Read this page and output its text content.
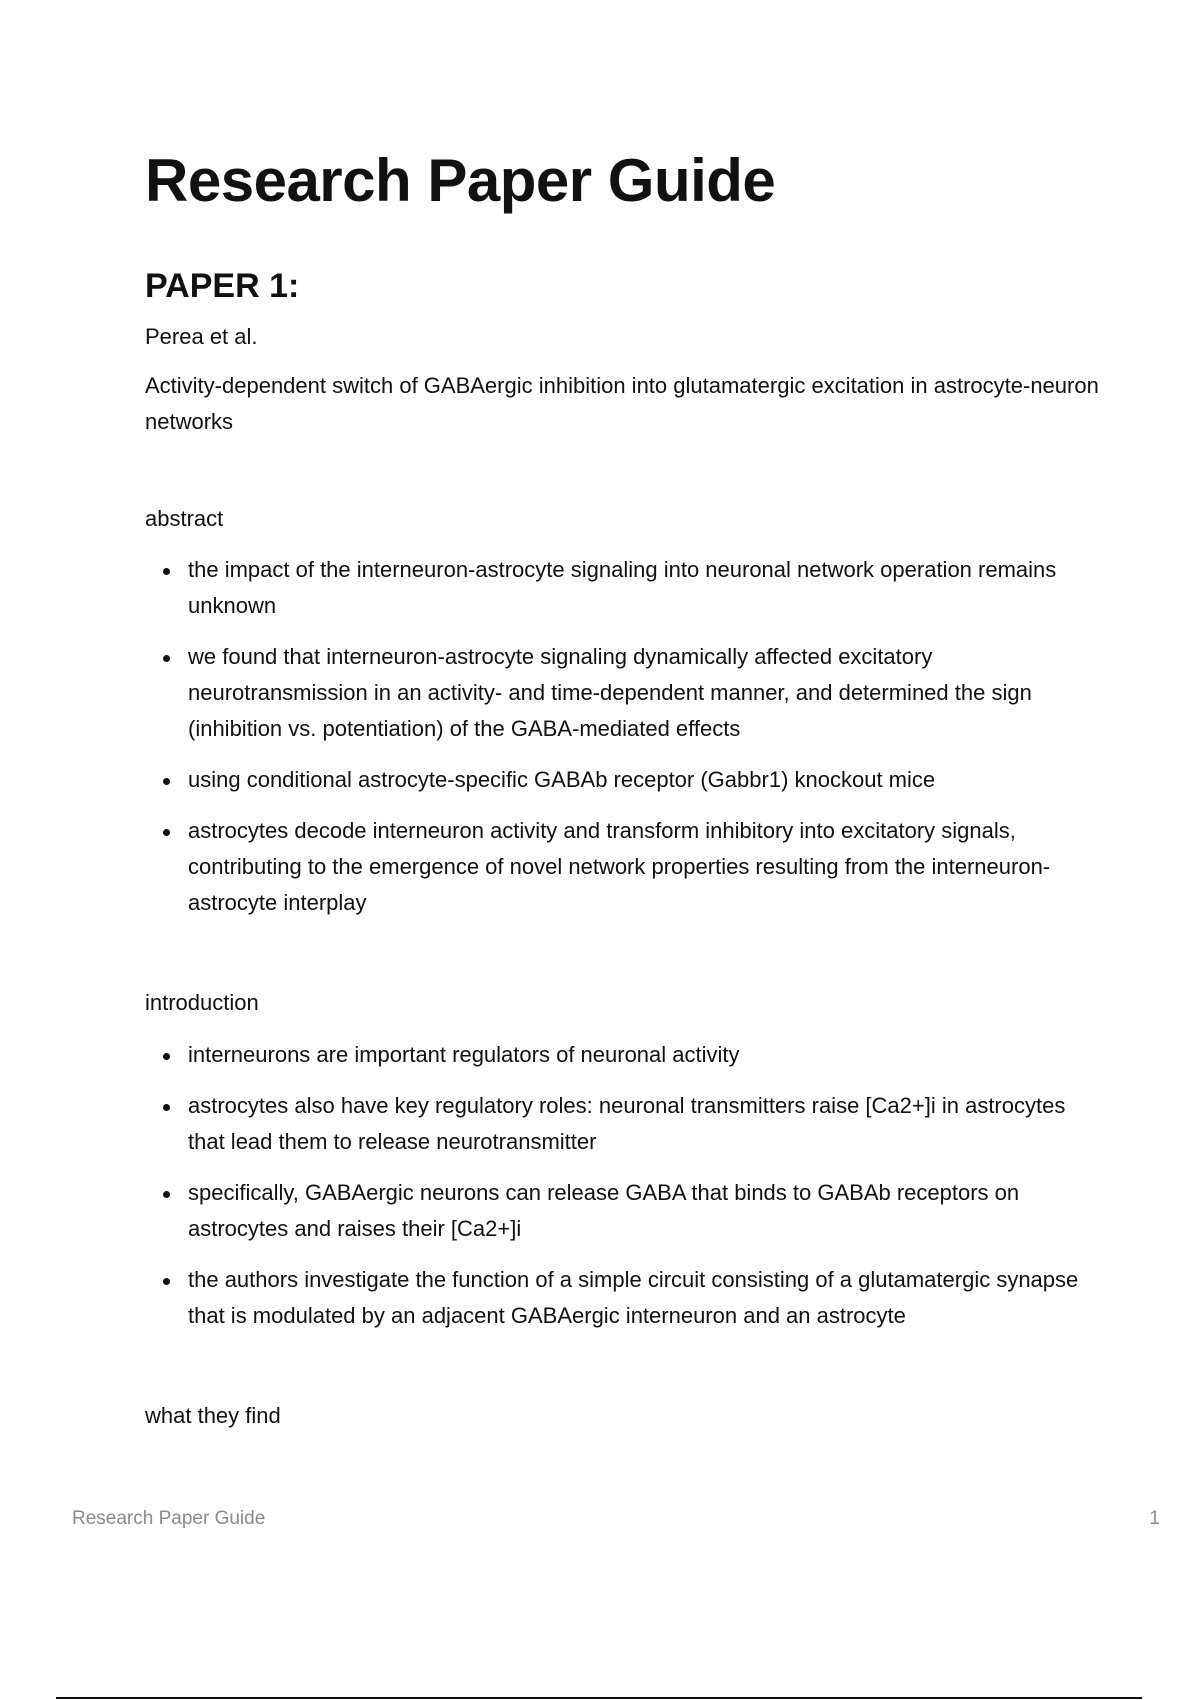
Research Paper Guide
PAPER 1:

Perea et al.

Activity-dependent switch of GABAergic inhibition into glutamatergic excitation in astrocyte-neuron networks

abstract

the impact of the interneuron-astrocyte signaling into neuronal network operation remains unknown
we found that interneuron-astrocyte signaling dynamically affected excitatory neurotransmission in an activity- and time-dependent manner, and determined the sign (inhibition vs. potentiation) of the GABA-mediated effects
using conditional astrocyte-specific GABAb receptor (Gabbr1) knockout mice
astrocytes decode interneuron activity and transform inhibitory into excitatory signals, contributing to the emergence of novel network properties resulting from the interneuron-astrocyte interplay

introduction

interneurons are important regulators of neuronal activity
astrocytes also have key regulatory roles: neuronal transmitters raise [Ca2+]i in astrocytes that lead them to release neurotransmitter
specifically, GABAergic neurons can release GABA that binds to GABAb receptors on astrocytes and raises their [Ca2+]i
the authors investigate the function of a simple circuit consisting of a glutamatergic synapse that is modulated by an adjacent GABAergic interneuron and an astrocyte

what they find

Research Paper Guide	1
